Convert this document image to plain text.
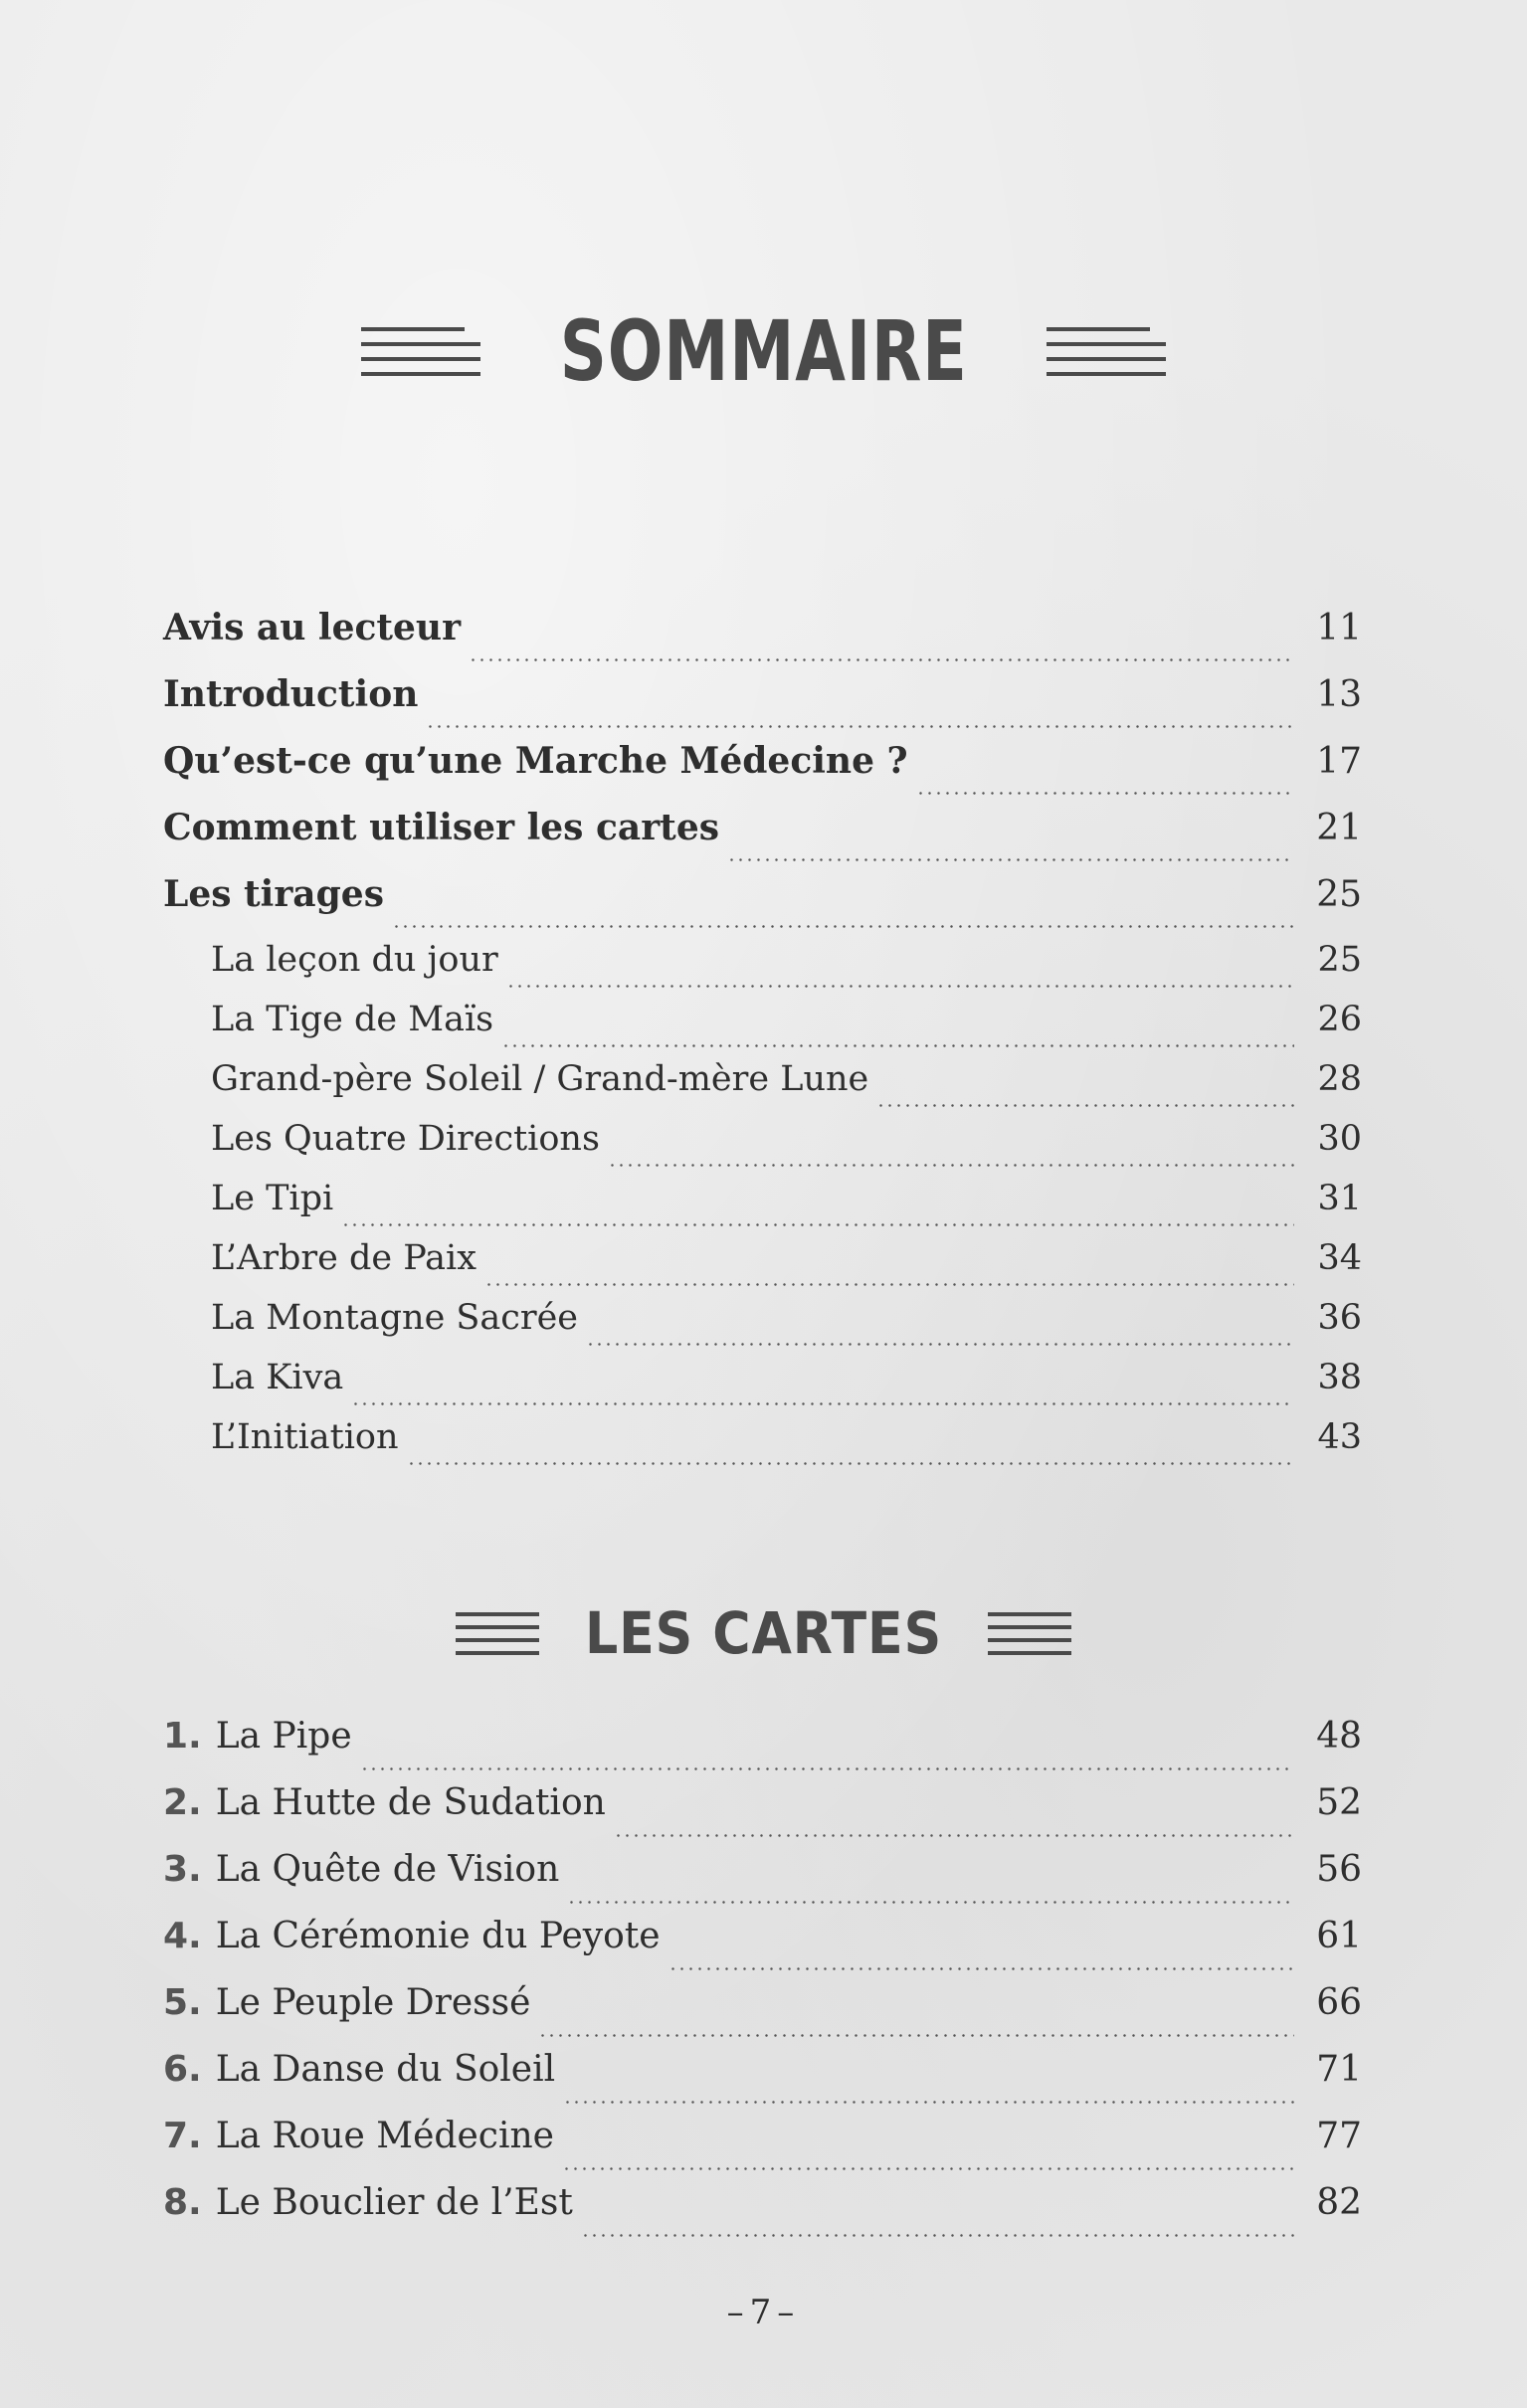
SOMMAIRE
Avis au lecteur	11
Introduction	13
Qu’est-ce qu’une Marche Médecine ?	17
Comment utiliser les cartes	21
Les tirages	25
La leçon du jour	25
La Tige de Maïs	26
Grand-père Soleil / Grand-mère Lune	28
Les Quatre Directions	30
Le Tipi	31
L’Arbre de Paix	34
La Montagne Sacrée	36
La Kiva	38
L’Initiation	43
LES CARTES
1. La Pipe	48
2. La Hutte de Sudation	52
3. La Quête de Vision	56
4. La Cérémonie du Peyote	61
5. Le Peuple Dressé	66
6. La Danse du Soleil	71
7. La Roue Médecine	77
8. Le Bouclier de l’Est	82
–7–
